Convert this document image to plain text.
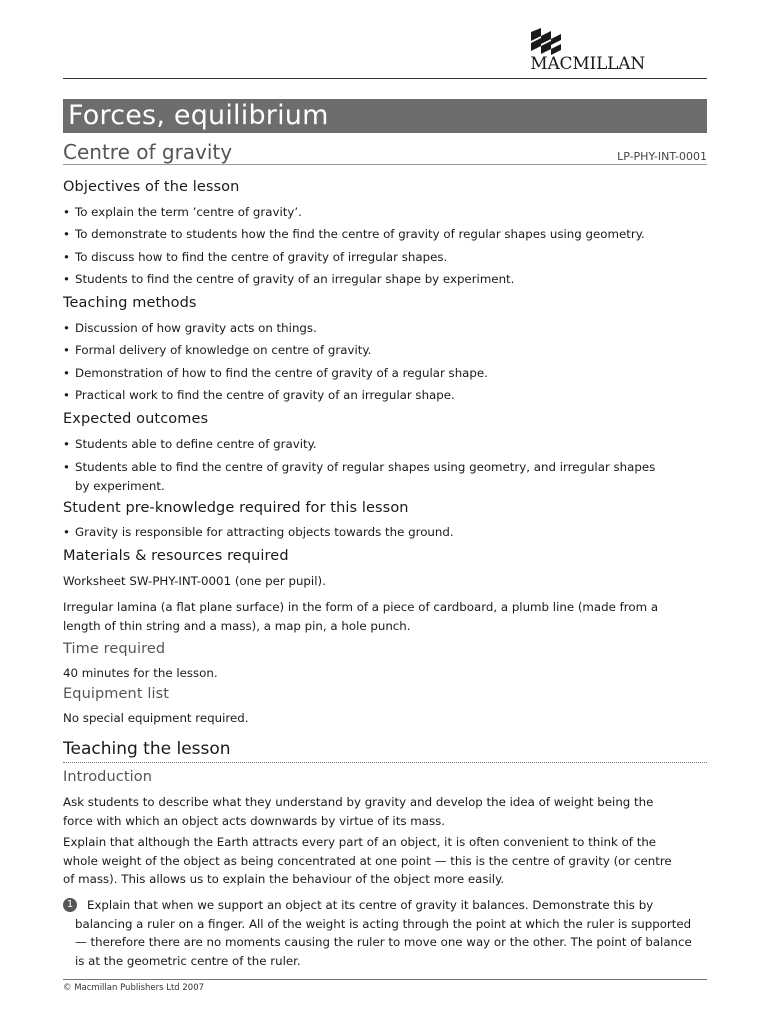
MACMILLAN
Forces, equilibrium
Centre of gravity	LP-PHY-INT-0001
Objectives of the lesson
• To explain the term ’centre of gravity’.
• To demonstrate to students how the find the centre of gravity of regular shapes using geometry.
• To discuss how to find the centre of gravity of irregular shapes.
• Students to find the centre of gravity of an irregular shape by experiment.
Teaching methods
• Discussion of how gravity acts on things.
• Formal delivery of knowledge on centre of gravity.
• Demonstration of how to find the centre of gravity of a regular shape.
• Practical work to find the centre of gravity of an irregular shape.
Expected outcomes
• Students able to define centre of gravity.
• Students able to find the centre of gravity of regular shapes using geometry, and irregular shapes by experiment.
Student pre-knowledge required for this lesson
• Gravity is responsible for attracting objects towards the ground.
Materials & resources required
Worksheet SW-PHY-INT-0001 (one per pupil).
Irregular lamina (a flat plane surface) in the form of a piece of cardboard, a plumb line (made from a length of thin string and a mass), a map pin, a hole punch.
Time required
40 minutes for the lesson.
Equipment list
No special equipment required.
Teaching the lesson
Introduction
Ask students to describe what they understand by gravity and develop the idea of weight being the force with which an object acts downwards by virtue of its mass.
Explain that although the Earth attracts every part of an object, it is often convenient to think of the whole weight of the object as being concentrated at one point — this is the centre of gravity (or centre of mass). This allows us to explain the behaviour of the object more easily.
1	Explain that when we support an object at its centre of gravity it balances. Demonstrate this by balancing a ruler on a finger. All of the weight is acting through the point at which the ruler is supported — therefore there are no moments causing the ruler to move one way or the other. The point of balance is at the geometric centre of the ruler.
© Macmillan Publishers Ltd 2007
